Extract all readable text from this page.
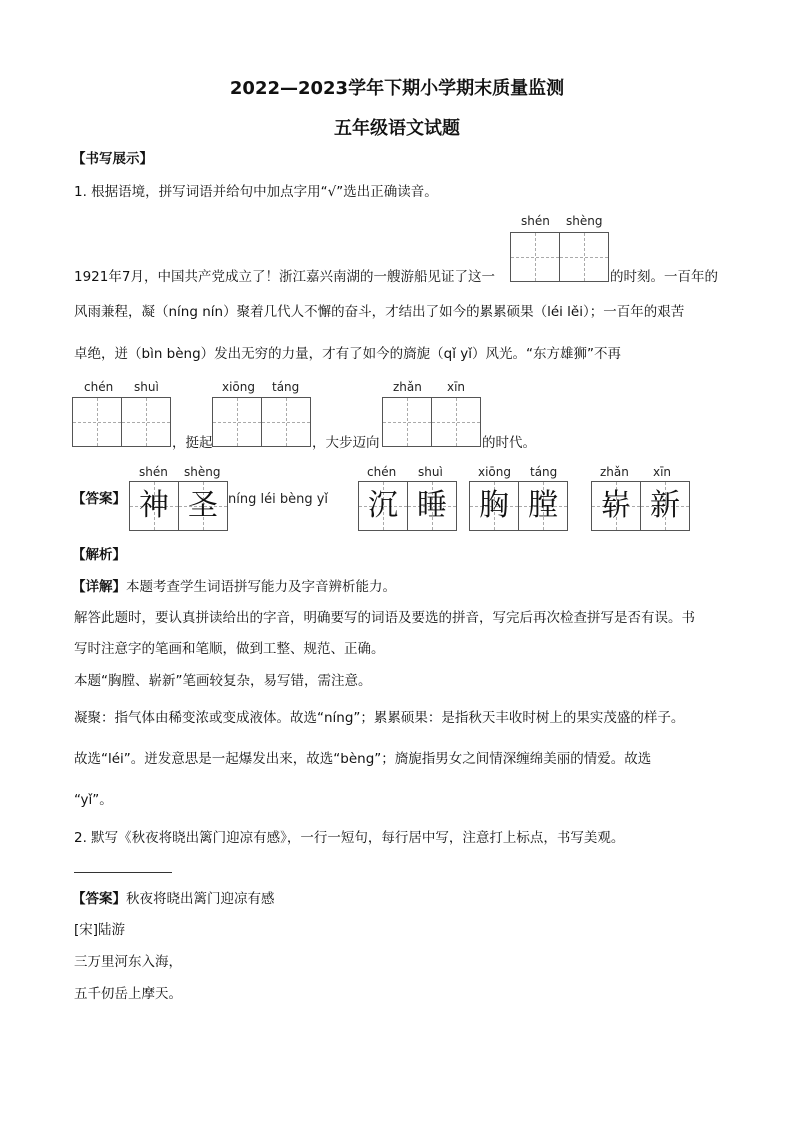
2022—2023学年下期小学期末质量监测
五年级语文试题
【书写展示】
1. 根据语境，拼写词语并给句中加点字用“√”选出正确读音。
shén shèng
1921年7月，中国共产党成立了！浙江嘉兴南湖的一艘游船见证了这一	的时刻。一百年的
风雨兼程，凝（níng nín）聚着几代人不懈的奋斗，才结出了如今的累累硕果（léi lěi）；一百年的艰苦
卓绝，迸（bìn bèng）发出无穷的力量，才有了如今的旖旎（qǐ yǐ）风光。“东方雄狮”不再
chén shuì	xiōng táng	zhǎn xīn
，挺起	，大步迈向	的时代。
shén shèng	chén shuì	xiōng táng	zhǎn xīn
【答案】 神 圣 níng léi bèng yǐ	沉 睡	胸 膛	崭 新
【解析】
【详解】本题考查学生词语拼写能力及字音辨析能力。
解答此题时，要认真拼读给出的字音，明确要写的词语及要选的拼音，写完后再次检查拼写是否有误。书
写时注意字的笔画和笔顺，做到工整、规范、正确。
本题“胸膛、崭新”笔画较复杂，易写错，需注意。
凝聚：指气体由稀变浓或变成液体。故选“níng”；累累硕果：是指秋天丰收时树上的果实茂盛的样子。
故选“léi”。迸发意思是一起爆发出来，故选“bèng”；旖旎指男女之间情深缠绵美丽的情爱。故选
“yǐ”。
2. 默写《秋夜将晓出篱门迎凉有感》，一行一短句，每行居中写，注意打上标点，书写美观。
【答案】秋夜将晓出篱门迎凉有感
[宋]陆游
三万里河东入海，
五千仞岳上摩天。
